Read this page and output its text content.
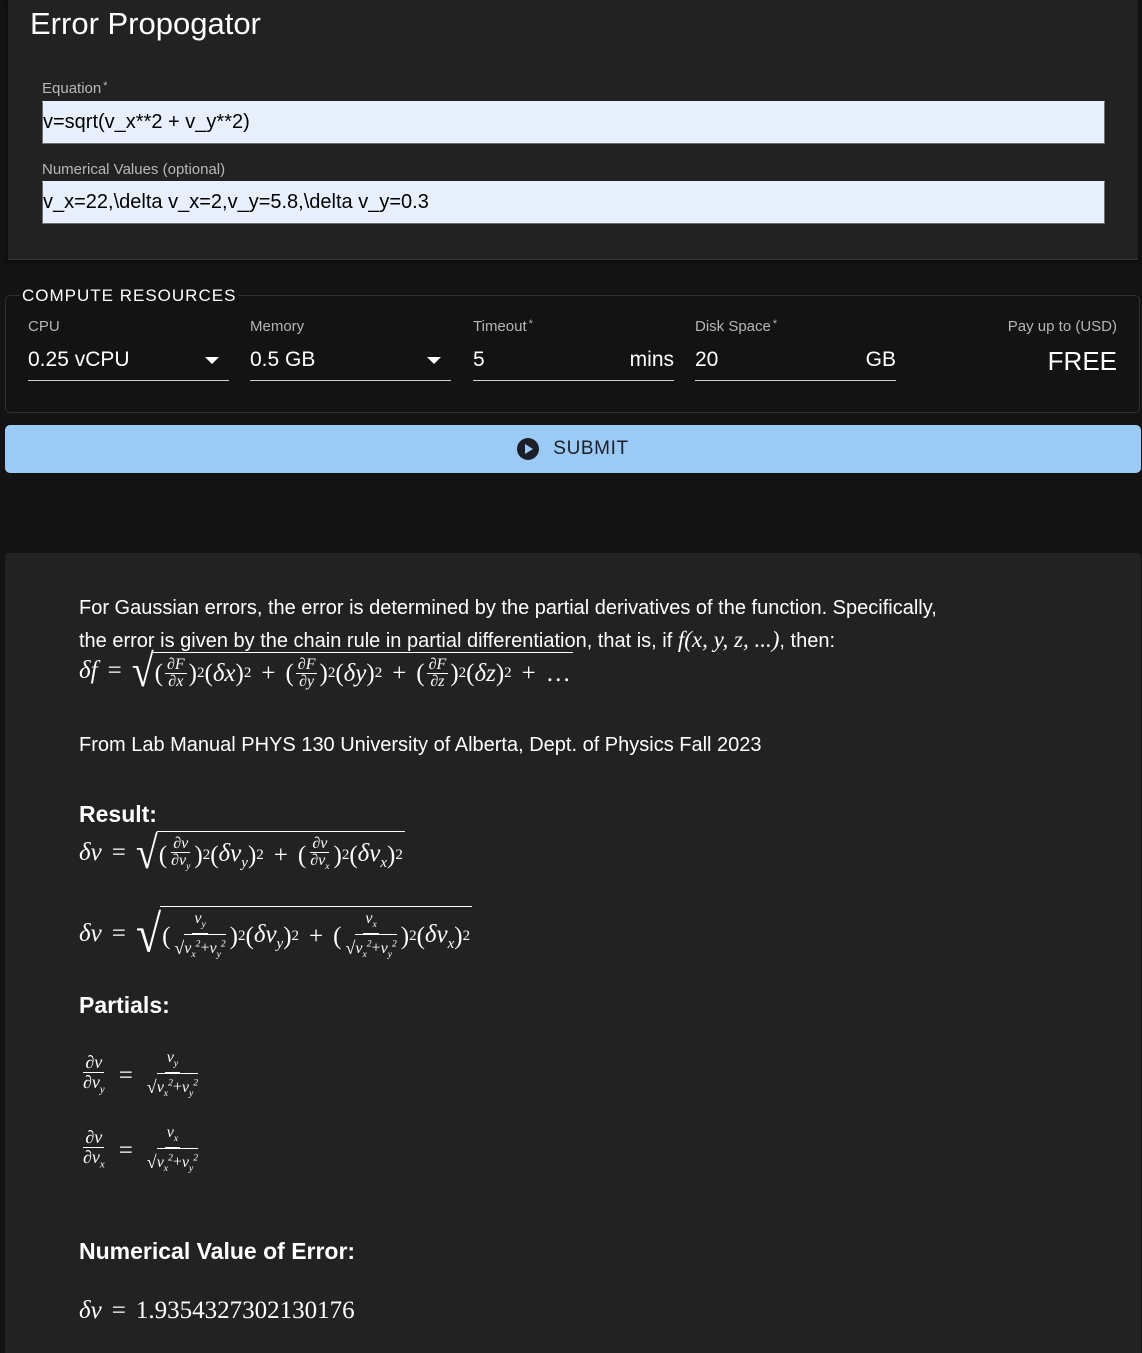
Error Propogator
Equation *
v=sqrt(v_x**2 + v_y**2)
Numerical Values (optional)
v_x=22,\delta v_x=2,v_y=5.8,\delta v_y=0.3
COMPUTE RESOURCES
CPU
0.25 vCPU
Memory
0.5 GB
Timeout *
5	mins
Disk Space *
20	GB
Pay up to (USD)
FREE
SUBMIT
For Gaussian errors, the error is determined by the partial derivatives of the function. Specifically,
the error is given by the chain rule in partial differentiation, that is, if f(x, y, z, ...), then:
δf = √ ( $\frac{\partial F}{\partial x}$ ) 2 ( δx ) 2 + ( $\frac{\partial F}{\partial y}$ ) 2 ( δy ) 2 + ( $\frac{\partial F}{\partial z}$ ) 2 ( δz ) 2 + …
From Lab Manual PHYS 130 University of Alberta, Dept. of Physics Fall 2023
Result:
δv = √ ( $\frac{\partial v}{\partial v_y}$ ) 2 ( $\delta v_y$ ) 2 + ( $\frac{\partial v}{\partial v_x}$ ) 2 ( $\delta v_x$ ) 2
δv = √ ( $\frac{v_y}{√ v_x^2+v_y^2}$ ) 2 ( $\delta v_y$ ) 2 + ( $\frac{v_x}{√ v_x^2+v_y^2}$ ) 2 ( $\delta v_x$ ) 2
Partials:
$\frac{\partial v}{\partial v_y} = \frac{v_y}{√ v_x^2+v_y^2}$
$\frac{\partial v}{\partial v_x} = \frac{v_x}{√ v_x^2+v_y^2}$
Numerical Value of Error:
δv = 1.9354327302130176
